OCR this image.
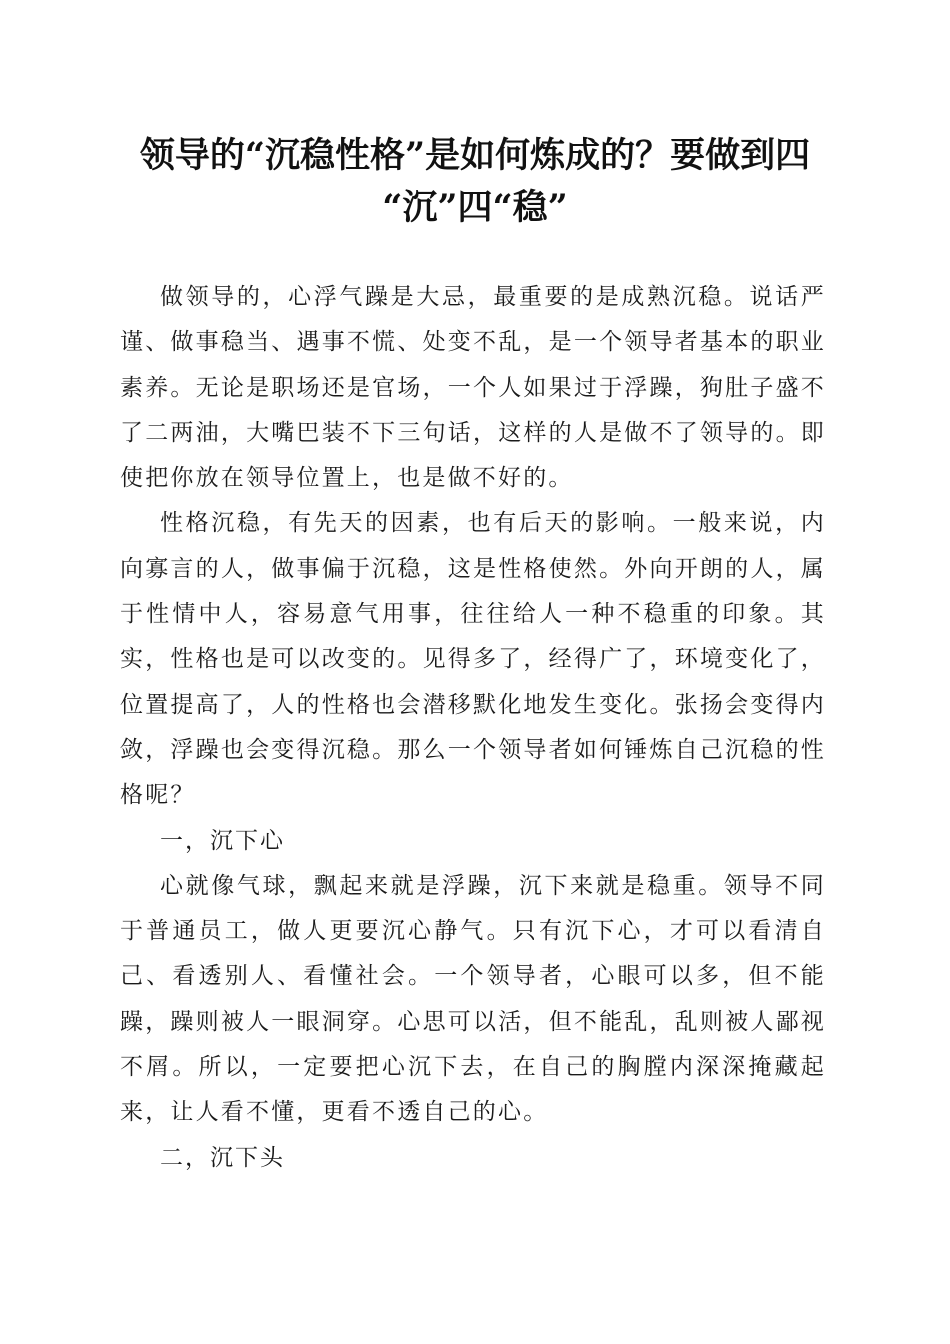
领导的“沉稳性格”是如何炼成的？要做到四
“沉”四“稳”

做领导的，心浮气躁是大忌，最重要的是成熟沉稳。说话严谨、做事稳当、遇事不慌、处变不乱，是一个领导者基本的职业素养。无论是职场还是官场，一个人如果过于浮躁，狗肚子盛不了二两油，大嘴巴装不下三句话，这样的人是做不了领导的。即使把你放在领导位置上，也是做不好的。

性格沉稳，有先天的因素，也有后天的影响。一般来说，内向寡言的人，做事偏于沉稳，这是性格使然。外向开朗的人，属于性情中人，容易意气用事，往往给人一种不稳重的印象。其实，性格也是可以改变的。见得多了，经得广了，环境变化了，位置提高了，人的性格也会潜移默化地发生变化。张扬会变得内敛，浮躁也会变得沉稳。那么一个领导者如何锤炼自己沉稳的性格呢？

一，沉下心

心就像气球，飘起来就是浮躁，沉下来就是稳重。领导不同于普通员工，做人更要沉心静气。只有沉下心，才可以看清自己、看透别人、看懂社会。一个领导者，心眼可以多，但不能躁，躁则被人一眼洞穿。心思可以活，但不能乱，乱则被人鄙视不屑。所以，一定要把心沉下去，在自己的胸膛内深深掩藏起来，让人看不懂，更看不透自己的心。

二，沉下头
